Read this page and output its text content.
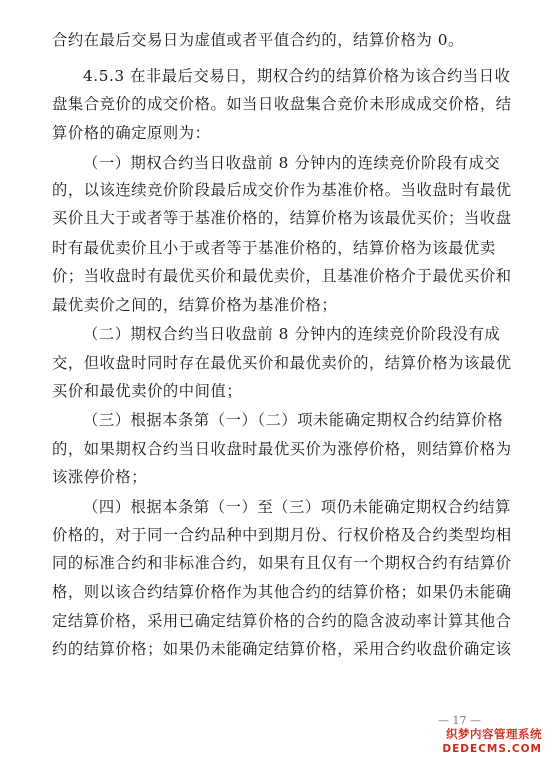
合约在最后交易日为虚值或者平值合约的，结算价格为 0。
4.5.3 在非最后交易日，期权合约的结算价格为该合约当日收
盘集合竞价的成交价格。如当日收盘集合竞价未形成成交价格，结
算价格的确定原则为：
（一）期权合约当日收盘前 8 分钟内的连续竞价阶段有成交
的，以该连续竞价阶段最后成交价作为基准价格。当收盘时有最优
买价且大于或者等于基准价格的，结算价格为该最优买价；当收盘
时有最优卖价且小于或者等于基准价格的，结算价格为该最优卖
价；当收盘时有最优买价和最优卖价，且基准价格介于最优买价和
最优卖价之间的，结算价格为基准价格；
（二）期权合约当日收盘前 8 分钟内的连续竞价阶段没有成
交，但收盘时同时存在最优买价和最优卖价的，结算价格为该最优
买价和最优卖价的中间值；
（三）根据本条第（一）（二）项未能确定期权合约结算价格
的，如果期权合约当日收盘时最优买价为涨停价格，则结算价格为
该涨停价格；
（四）根据本条第（一）至（三）项仍未能确定期权合约结算
价格的，对于同一合约品种中到期月份、行权价格及合约类型均相
同的标准合约和非标准合约，如果有且仅有一个期权合约有结算价
格，则以该合约结算价格作为其他合约的结算价格；如果仍未能确
定结算价格，采用已确定结算价格的合约的隐含波动率计算其他合
约的结算价格；如果仍未能确定结算价格，采用合约收盘价确定该
— 17 —
织梦内容管理系统
DEDECMS.COM
